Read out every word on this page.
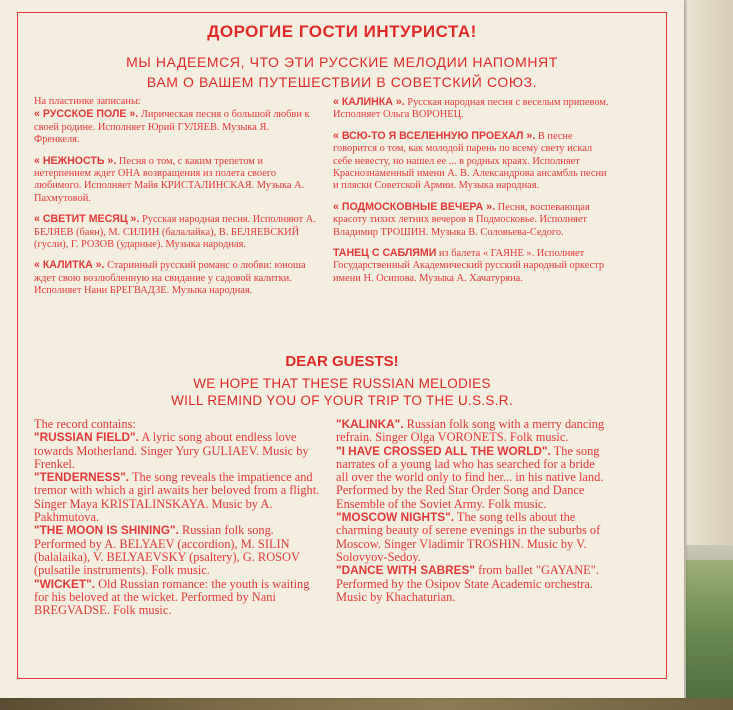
ДОРОГИЕ ГОСТИ ИНТУРИСТА!
МЫ НАДЕЕМСЯ, ЧТО ЭТИ РУССКИЕ МЕЛОДИИ НАПОМНЯТ
ВАМ О ВАШЕМ ПУТЕШЕСТВИИ В СОВЕТСКИЙ СОЮЗ.
На пластинке записаны:

« РУССКОЕ ПОЛЕ ». Лирическая песня о большой любви к своей родине. Исполняет Юрий ГУЛЯЕВ. Музыка Я. Френкеля.

« НЕЖНОСТЬ ». Песня о том, с каким трепетом и нетерпением ждет ОНА возвращения из полета своего любимого. Исполняет Майя КРИСТАЛИНСКАЯ. Музыка А. Пахмутовой.

« СВЕТИТ МЕСЯЦ ». Русская народная песня. Исполняют А. БЕЛЯЕВ (баян), М. СИЛИН (балалайка), В. БЕЛЯЕВСКИЙ (гусли), Г. РОЗОВ (ударные). Музыка народная.

« КАЛИТКА ». Старинный русский романс о любви: юноша ждет свою возлюбленную на свидание у садовой калитки. Исполняет Нани БРЕГВАДЗЕ. Музыка народная.

« КАЛИНКА ». Русская народная песня с веселым припевом. Исполняет Ольга ВОРОНЕЦ.

« ВСЮ-ТО Я ВСЕЛЕННУЮ ПРОЕХАЛ ». В песне говорится о том, как молодой парень по всему свету искал себе невесту, но нашел ее ... в родных краях. Исполняет Краснознаменный имени А. В. Александрова ансамбль песни и пляски Советской Армии. Музыка народная.

« ПОДМОСКОВНЫЕ ВЕЧЕРА ». Песня, воспевающая красоту тихих летних вечеров в Подмосковье. Исполняет Владимир ТРОШИН. Музыка В. Соловьева-Седого.

ТАНЕЦ С САБЛЯМИ из балета « ГАЯНЕ ». Исполняет Государственный Академический русский народный оркестр имени Н. Осипова. Музыка А. Хачатуряна.

DEAR GUESTS!
WE HOPE THAT THESE RUSSIAN MELODIES
WILL REMIND YOU OF YOUR TRIP TO THE U.S.S.R.
The record contains:

"RUSSIAN FIELD". A lyric song about endless love towards Motherland. Singer Yury GULIAEV. Music by Frenkel.

"TENDERNESS". The song reveals the impatience and tremor with which a girl awaits her beloved from a flight. Singer Maya KRISTALINSKAYA. Music by A. Pakhmutova.

"THE MOON IS SHINING". Russian folk song. Performed by A. BELYAEV (accordion), M. SILIN (balalaika), V. BELYAEVSKY (psaltery), G. ROSOV (pulsatile instruments). Folk music.

"WICKET". Old Russian romance: the youth is waiting for his beloved at the wicket. Performed by Nani BREGVADSE. Folk music.

"KALINKA". Russian folk song with a merry dancing refrain. Singer Olga VORONETS. Folk music.

"I HAVE CROSSED ALL THE WORLD". The song narrates of a young lad who has searched for a bride all over the world only to find her... in his native land. Performed by the Red Star Order Song and Dance Ensemble of the Soviet Army. Folk music.

"MOSCOW NIGHTS". The song tells about the charming beauty of serene evenings in the suburbs of Moscow. Singer Vladimir TROSHIN. Music by V. Solovyov-Sedoy.

"DANCE WITH SABRES" from ballet "GAYANE". Performed by the Osipov State Academic orchestra. Music by Khachaturian.
